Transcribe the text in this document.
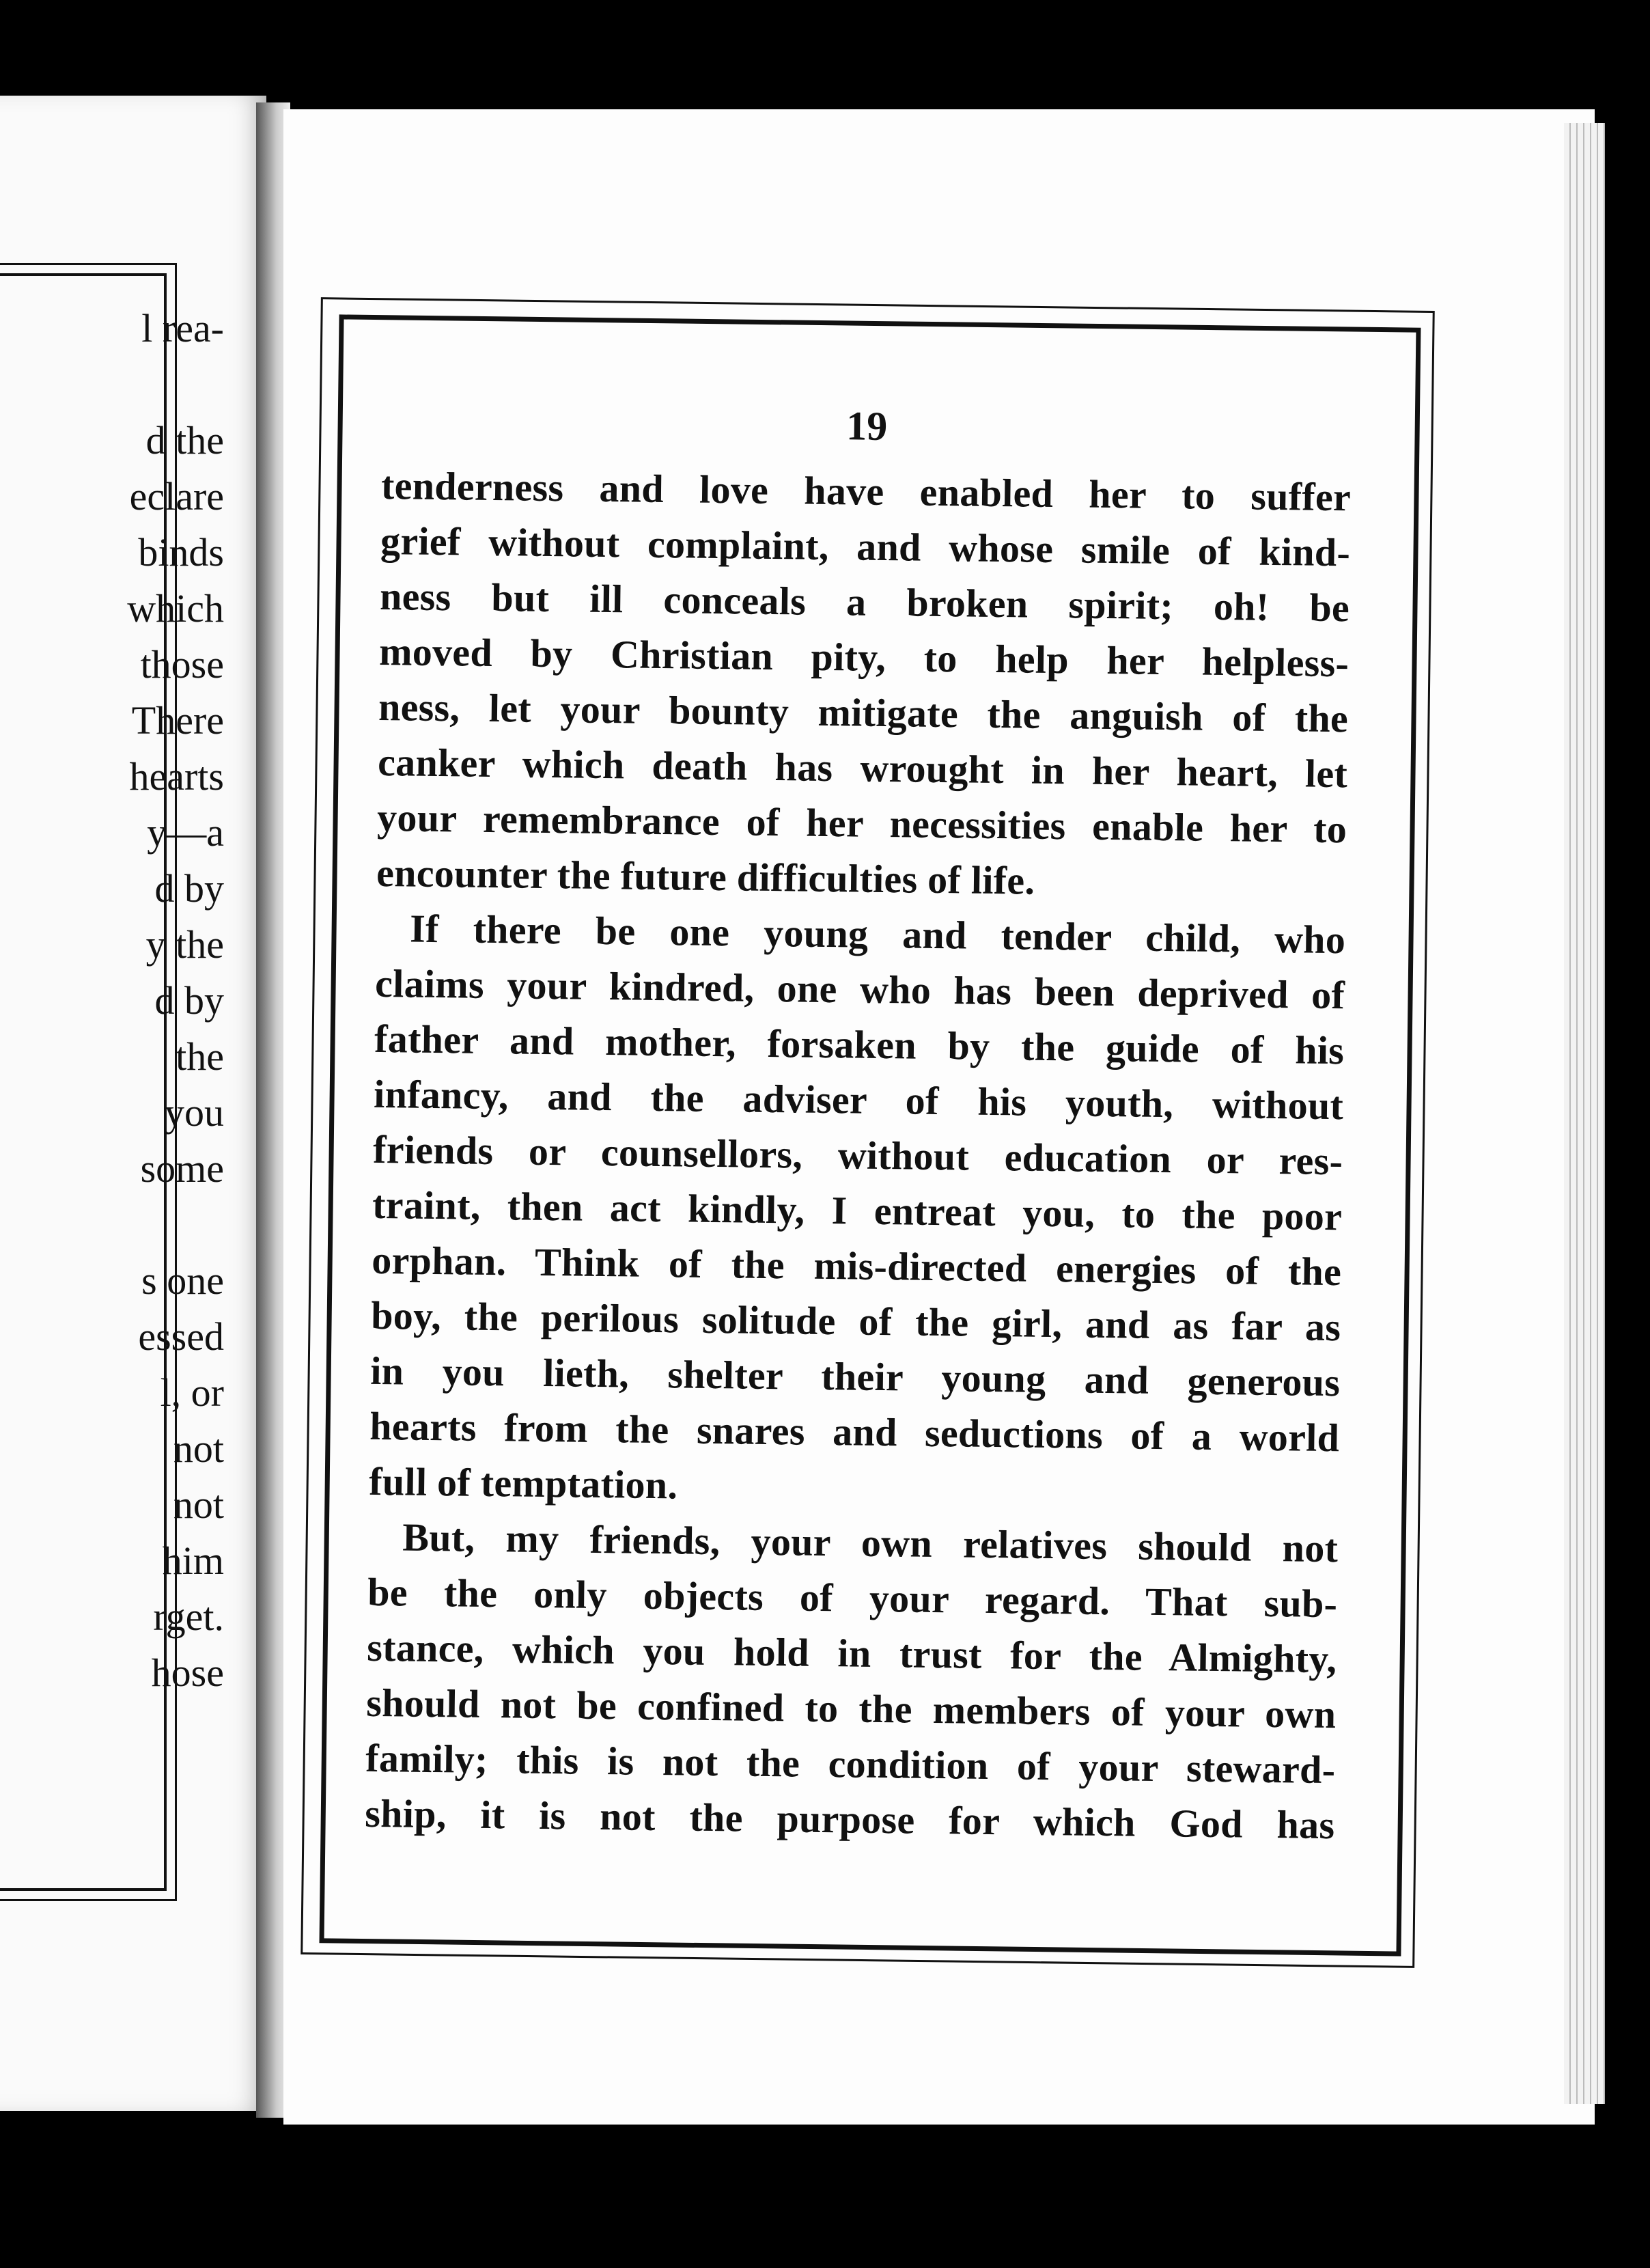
l rea-
d the
eclare
binds
which
those
There
hearts
y—a
d by
y the
d by
the
you
some
s one
essed
l, or
not
not
him
rget.
hose
19
tenderness and love have enabled her to suffer
grief without complaint, and whose smile of kind-
ness but ill conceals a broken spirit; oh! be
moved by Christian pity, to help her helpless-
ness, let your bounty mitigate the anguish of the
canker which death has wrought in her heart, let
your remembrance of her necessities enable her to
encounter the future difficulties of life.
If there be one young and tender child, who
claims your kindred, one who has been deprived of
father and mother, forsaken by the guide of his
infancy, and the adviser of his youth, without
friends or counsellors, without education or res-
traint, then act kindly, I entreat you, to the poor
orphan. Think of the mis-directed energies of the
boy, the perilous solitude of the girl, and as far as
in you lieth, shelter their young and generous
hearts from the snares and seductions of a world
full of temptation.
But, my friends, your own relatives should not
be the only objects of your regard. That sub-
stance, which you hold in trust for the Almighty,
should not be confined to the members of your own
family; this is not the condition of your steward-
ship, it is not the purpose for which God has
